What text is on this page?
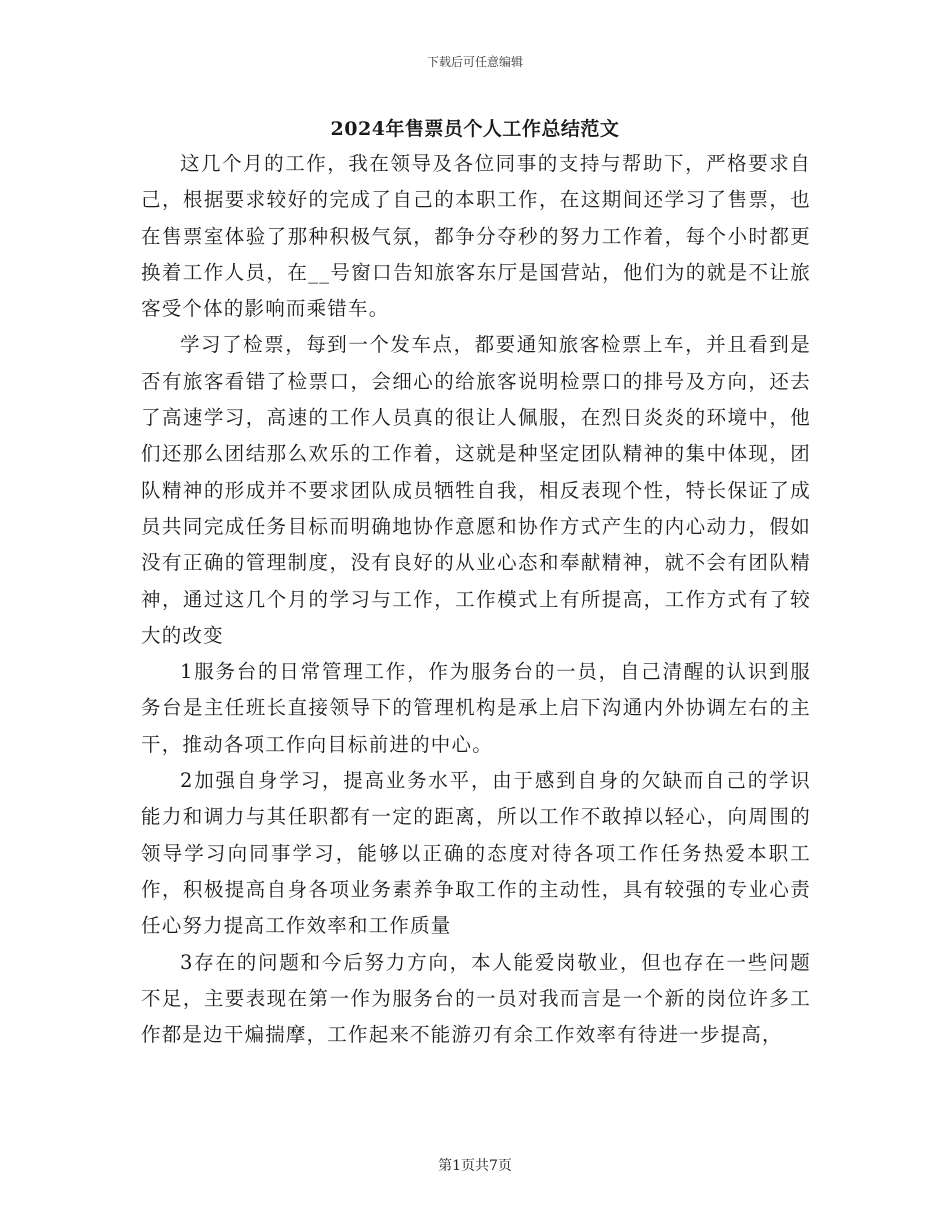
下载后可任意编辑
2024年售票员个人工作总结范文

这几个月的工作，我在领导及各位同事的支持与帮助下，严格要求自己，根据要求较好的完成了自己的本职工作，在这期间还学习了售票，也在售票室体验了那种积极气氛，都争分夺秒的努力工作着，每个小时都更换着工作人员，在__号窗口告知旅客东厅是国营站，他们为的就是不让旅客受个体的影响而乘错车。

学习了检票，每到一个发车点，都要通知旅客检票上车，并且看到是否有旅客看错了检票口，会细心的给旅客说明检票口的排号及方向，还去了高速学习，高速的工作人员真的很让人佩服，在烈日炎炎的环境中，他们还那么团结那么欢乐的工作着，这就是种坚定团队精神的集中体现，团队精神的形成并不要求团队成员牺牲自我，相反表现个性，特长保证了成员共同完成任务目标而明确地协作意愿和协作方式产生的内心动力，假如没有正确的管理制度，没有良好的从业心态和奉献精神，就不会有团队精神，通过这几个月的学习与工作，工作模式上有所提高，工作方式有了较大的改变

1服务台的日常管理工作，作为服务台的一员，自己清醒的认识到服务台是主任班长直接领导下的管理机构是承上启下沟通内外协调左右的主干，推动各项工作向目标前进的中心。

2加强自身学习，提高业务水平，由于感到自身的欠缺而自己的学识能力和调力与其任职都有一定的距离，所以工作不敢掉以轻心，向周围的领导学习向同事学习，能够以正确的态度对待各项工作任务热爱本职工作，积极提高自身各项业务素养争取工作的主动性，具有较强的专业心责任心努力提高工作效率和工作质量

3存在的问题和今后努力方向，本人能爱岗敬业，但也存在一些问题不足，主要表现在第一作为服务台的一员对我而言是一个新的岗位许多工作都是边干煸揣摩，工作起来不能游刃有余工作效率有待进一步提高，

第1页共7页
